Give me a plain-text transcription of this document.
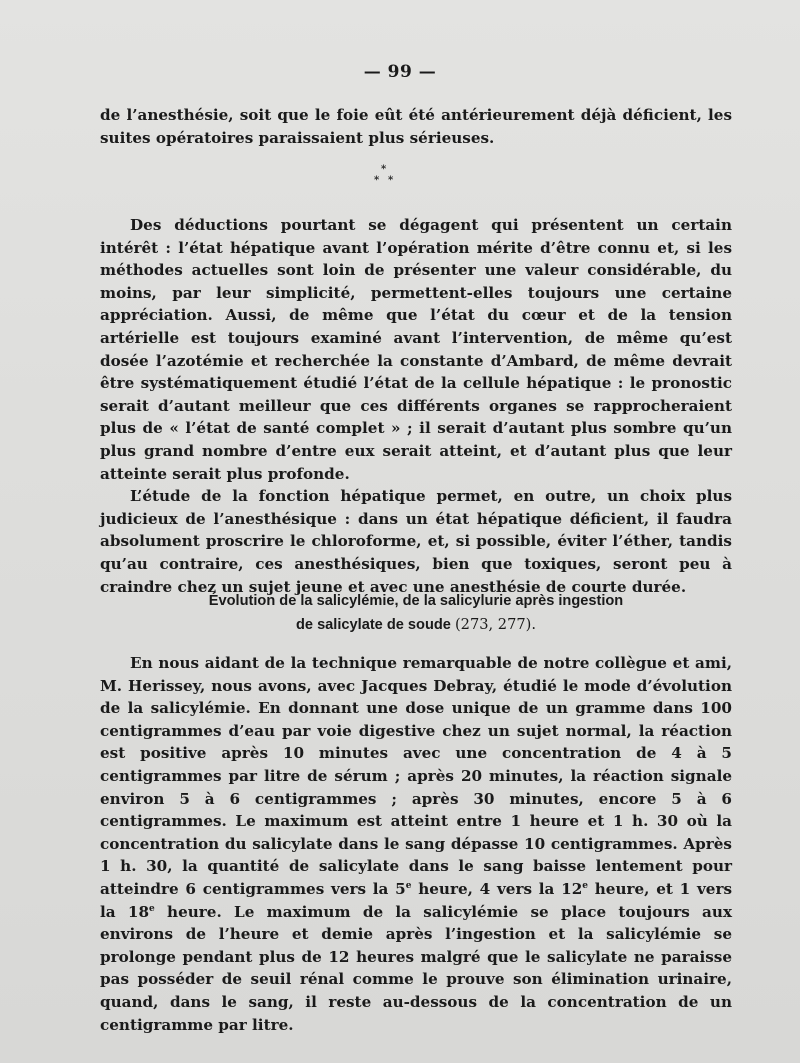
— 99 —

de l’anesthésie, soit que le foie eût été antérieurement déjà déficient, les suites opératoires paraissaient plus sérieuses.

*
* *

Des déductions pourtant se dégagent qui présentent un certain intérêt : l’état hépatique avant l’opération mérite d’être connu et, si les méthodes actuelles sont loin de présenter une valeur considérable, du moins, par leur simplicité, permettent-elles toujours une certaine appréciation. Aussi, de même que l’état du cœur et de la tension artérielle est toujours examiné avant l’intervention, de même qu’est dosée l’azotémie et recherchée la constante d’Ambard, de même devrait être systématiquement étudié l’état de la cellule hépatique : le pronostic serait d’autant meilleur que ces différents organes se rapprocheraient plus de « l’état de santé complet » ; il serait d’autant plus sombre qu’un plus grand nombre d’entre eux serait atteint, et d’autant plus que leur atteinte serait plus profonde.

L’étude de la fonction hépatique permet, en outre, un choix plus judicieux de l’anesthésique : dans un état hépatique déficient, il faudra absolument proscrire le chloroforme, et, si possible, éviter l’éther, tandis qu’au contraire, ces anesthésiques, bien que toxiques, seront peu à craindre chez un sujet jeune et avec une anesthésie de courte durée.

Évolution de la salicylémie, de la salicylurie après ingestion
de salicylate de soude (273, 277).

En nous aidant de la technique remarquable de notre collègue et ami, M. Herissey, nous avons, avec Jacques Debray, étudié le mode d’évolution de la salicylémie. En donnant une dose unique de un gramme dans 100 centigrammes d’eau par voie digestive chez un sujet normal, la réaction est positive après 10 minutes avec une concentration de 4 à 5 centigrammes par litre de sérum ; après 20 minutes, la réaction signale environ 5 à 6 centigrammes ; après 30 minutes, encore 5 à 6 centigrammes. Le maximum est atteint entre 1 heure et 1 h. 30 où la concentration du salicylate dans le sang dépasse 10 centigrammes. Après 1 h. 30, la quantité de salicylate dans le sang baisse lentement pour atteindre 6 centigrammes vers la 5e heure, 4 vers la 12e heure, et 1 vers la 18e heure. Le maximum de la salicylémie se place toujours aux environs de l’heure et demie après l’ingestion et la salicylémie se prolonge pendant plus de 12 heures malgré que le salicylate ne paraisse pas posséder de seuil rénal comme le prouve son élimination urinaire, quand, dans le sang, il reste au-dessous de la concentration de un centigramme par litre.
